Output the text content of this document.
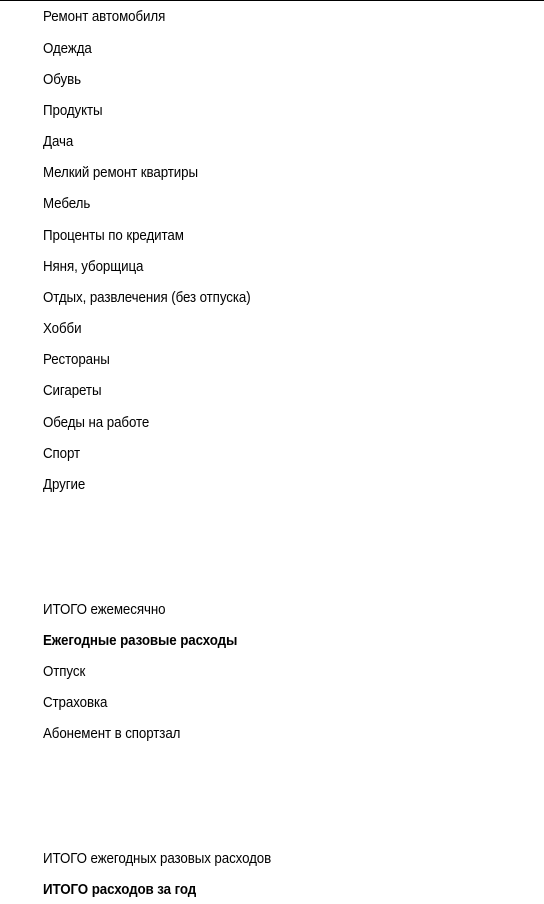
Ремонт автомобиля
Одежда
Обувь
Продукты
Дача
Мелкий ремонт квартиры
Мебель
Проценты по кредитам
Няня, уборщица
Отдых, развлечения (без отпуска)
Хобби
Рестораны
Сигареты
Обеды на работе
Спорт
Другие
ИТОГО ежемесячно
Ежегодные разовые расходы
Отпуск
Страховка
Абонемент в спортзал
ИТОГО ежегодных разовых расходов
ИТОГО расходов за год
